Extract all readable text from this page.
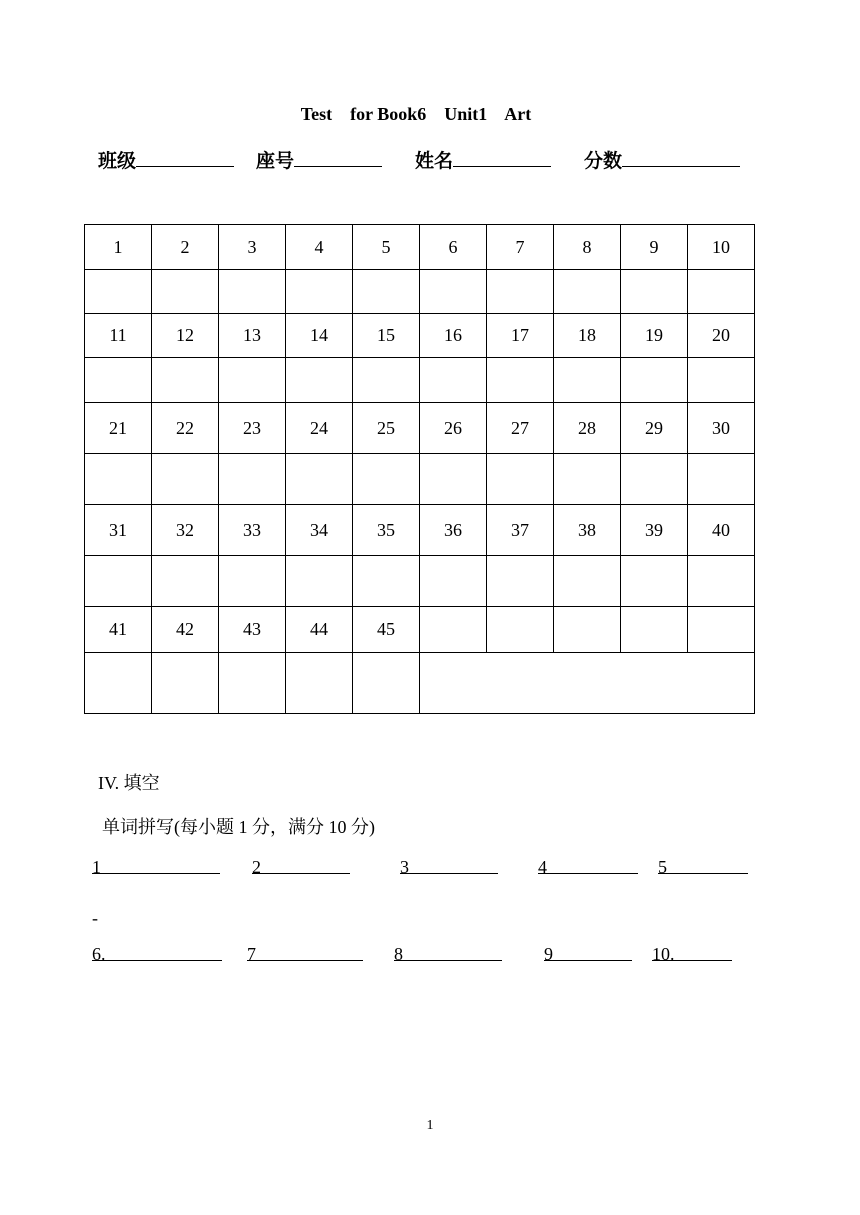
Test    for Book6    Unit1    Art
班级	座号	姓名	分数
1	2	3	4	5	6	7	8	9	10

11	12	13	14	15	16	17	18	19	20

21	22	23	24	25	26	27	28	29	30

31	32	33	34	35	36	37	38	39	40

41	42	43	44	45					

IV. 填空
单词拼写(每小题 1 分，满分 10 分)
1	2	3	4	5
-
6.	7	8	9	10.
1
